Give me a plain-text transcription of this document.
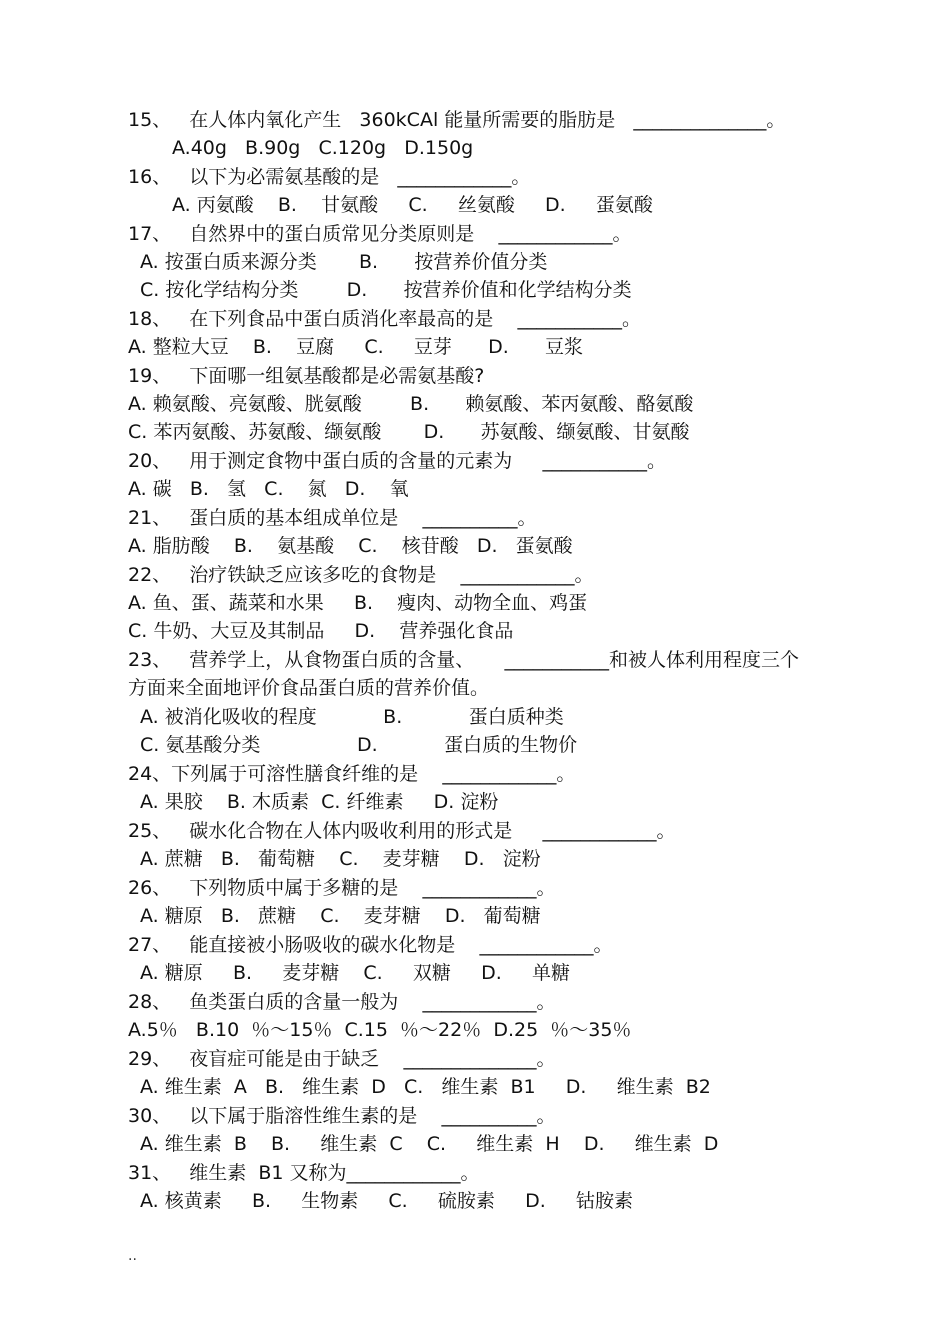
..
15、   在人体内氧化产生   360kCAl 能量所需要的脂肪是   ______________。
A.40g   B.90g   C.120g   D.150g
16、   以下为必需氨基酸的是   ____________。
A. 丙氨酸    B.    甘氨酸     C.     丝氨酸     D.     蛋氨酸
17、   自然界中的蛋白质常见分类原则是    ____________。
A. 按蛋白质来源分类       B.      按营养价值分类
C. 按化学结构分类        D.      按营养价值和化学结构分类
18、   在下列食品中蛋白质消化率最高的是    ___________。
A. 整粒大豆    B.    豆腐     C.     豆芽      D.      豆浆
19、   下面哪一组氨基酸都是必需氨基酸?
A. 赖氨酸、亮氨酸、胱氨酸        B.      赖氨酸、苯丙氨酸、酪氨酸
C. 苯丙氨酸、苏氨酸、缬氨酸       D.      苏氨酸、缬氨酸、甘氨酸
20、   用于测定食物中蛋白质的含量的元素为     ___________。
A. 碳   B.   氢   C.    氮   D.    氧
21、   蛋白质的基本组成单位是    __________。
A. 脂肪酸    B.    氨基酸    C.    核苷酸   D.   蛋氨酸
22、   治疗铁缺乏应该多吃的食物是    ____________。
A. 鱼、蛋、蔬菜和水果     B.    瘦肉、动物全血、鸡蛋
C. 牛奶、大豆及其制品     D.    营养强化食品
23、   营养学上，从食物蛋白质的含量、     ___________和被人体利用程度三个
方面来全面地评价食品蛋白质的营养价值。
A. 被消化吸收的程度           B.           蛋白质种类
C. 氨基酸分类                D.           蛋白质的生物价
24、下列属于可溶性膳食纤维的是    ____________。
A. 果胶    B. 木质素  C. 纤维素     D. 淀粉
25、   碳水化合物在人体内吸收利用的形式是     ____________。
A. 蔗糖   B.   葡萄糖    C.    麦芽糖    D.   淀粉
26、   下列物质中属于多糖的是    ____________。
A. 糖原   B.   蔗糖    C.    麦芽糖    D.   葡萄糖
27、   能直接被小肠吸收的碳水化物是    ____________。
A. 糖原     B.     麦芽糖    C.     双糖     D.     单糖
28、   鱼类蛋白质的含量一般为    ____________。
A.5％   B.10  ％～15％  C.15  ％～22％  D.25  ％～35％
29、   夜盲症可能是由于缺乏    ______________。
A. 维生素  A   B.   维生素  D   C.   维生素  B1     D.     维生素  B2
30、   以下属于脂溶性维生素的是    __________。
A. 维生素  B    B.     维生素  C    C.     维生素  H    D.     维生素  D
31、   维生素  B1 又称为____________。
A. 核黄素     B.     生物素     C.     硫胺素     D.     钴胺素
